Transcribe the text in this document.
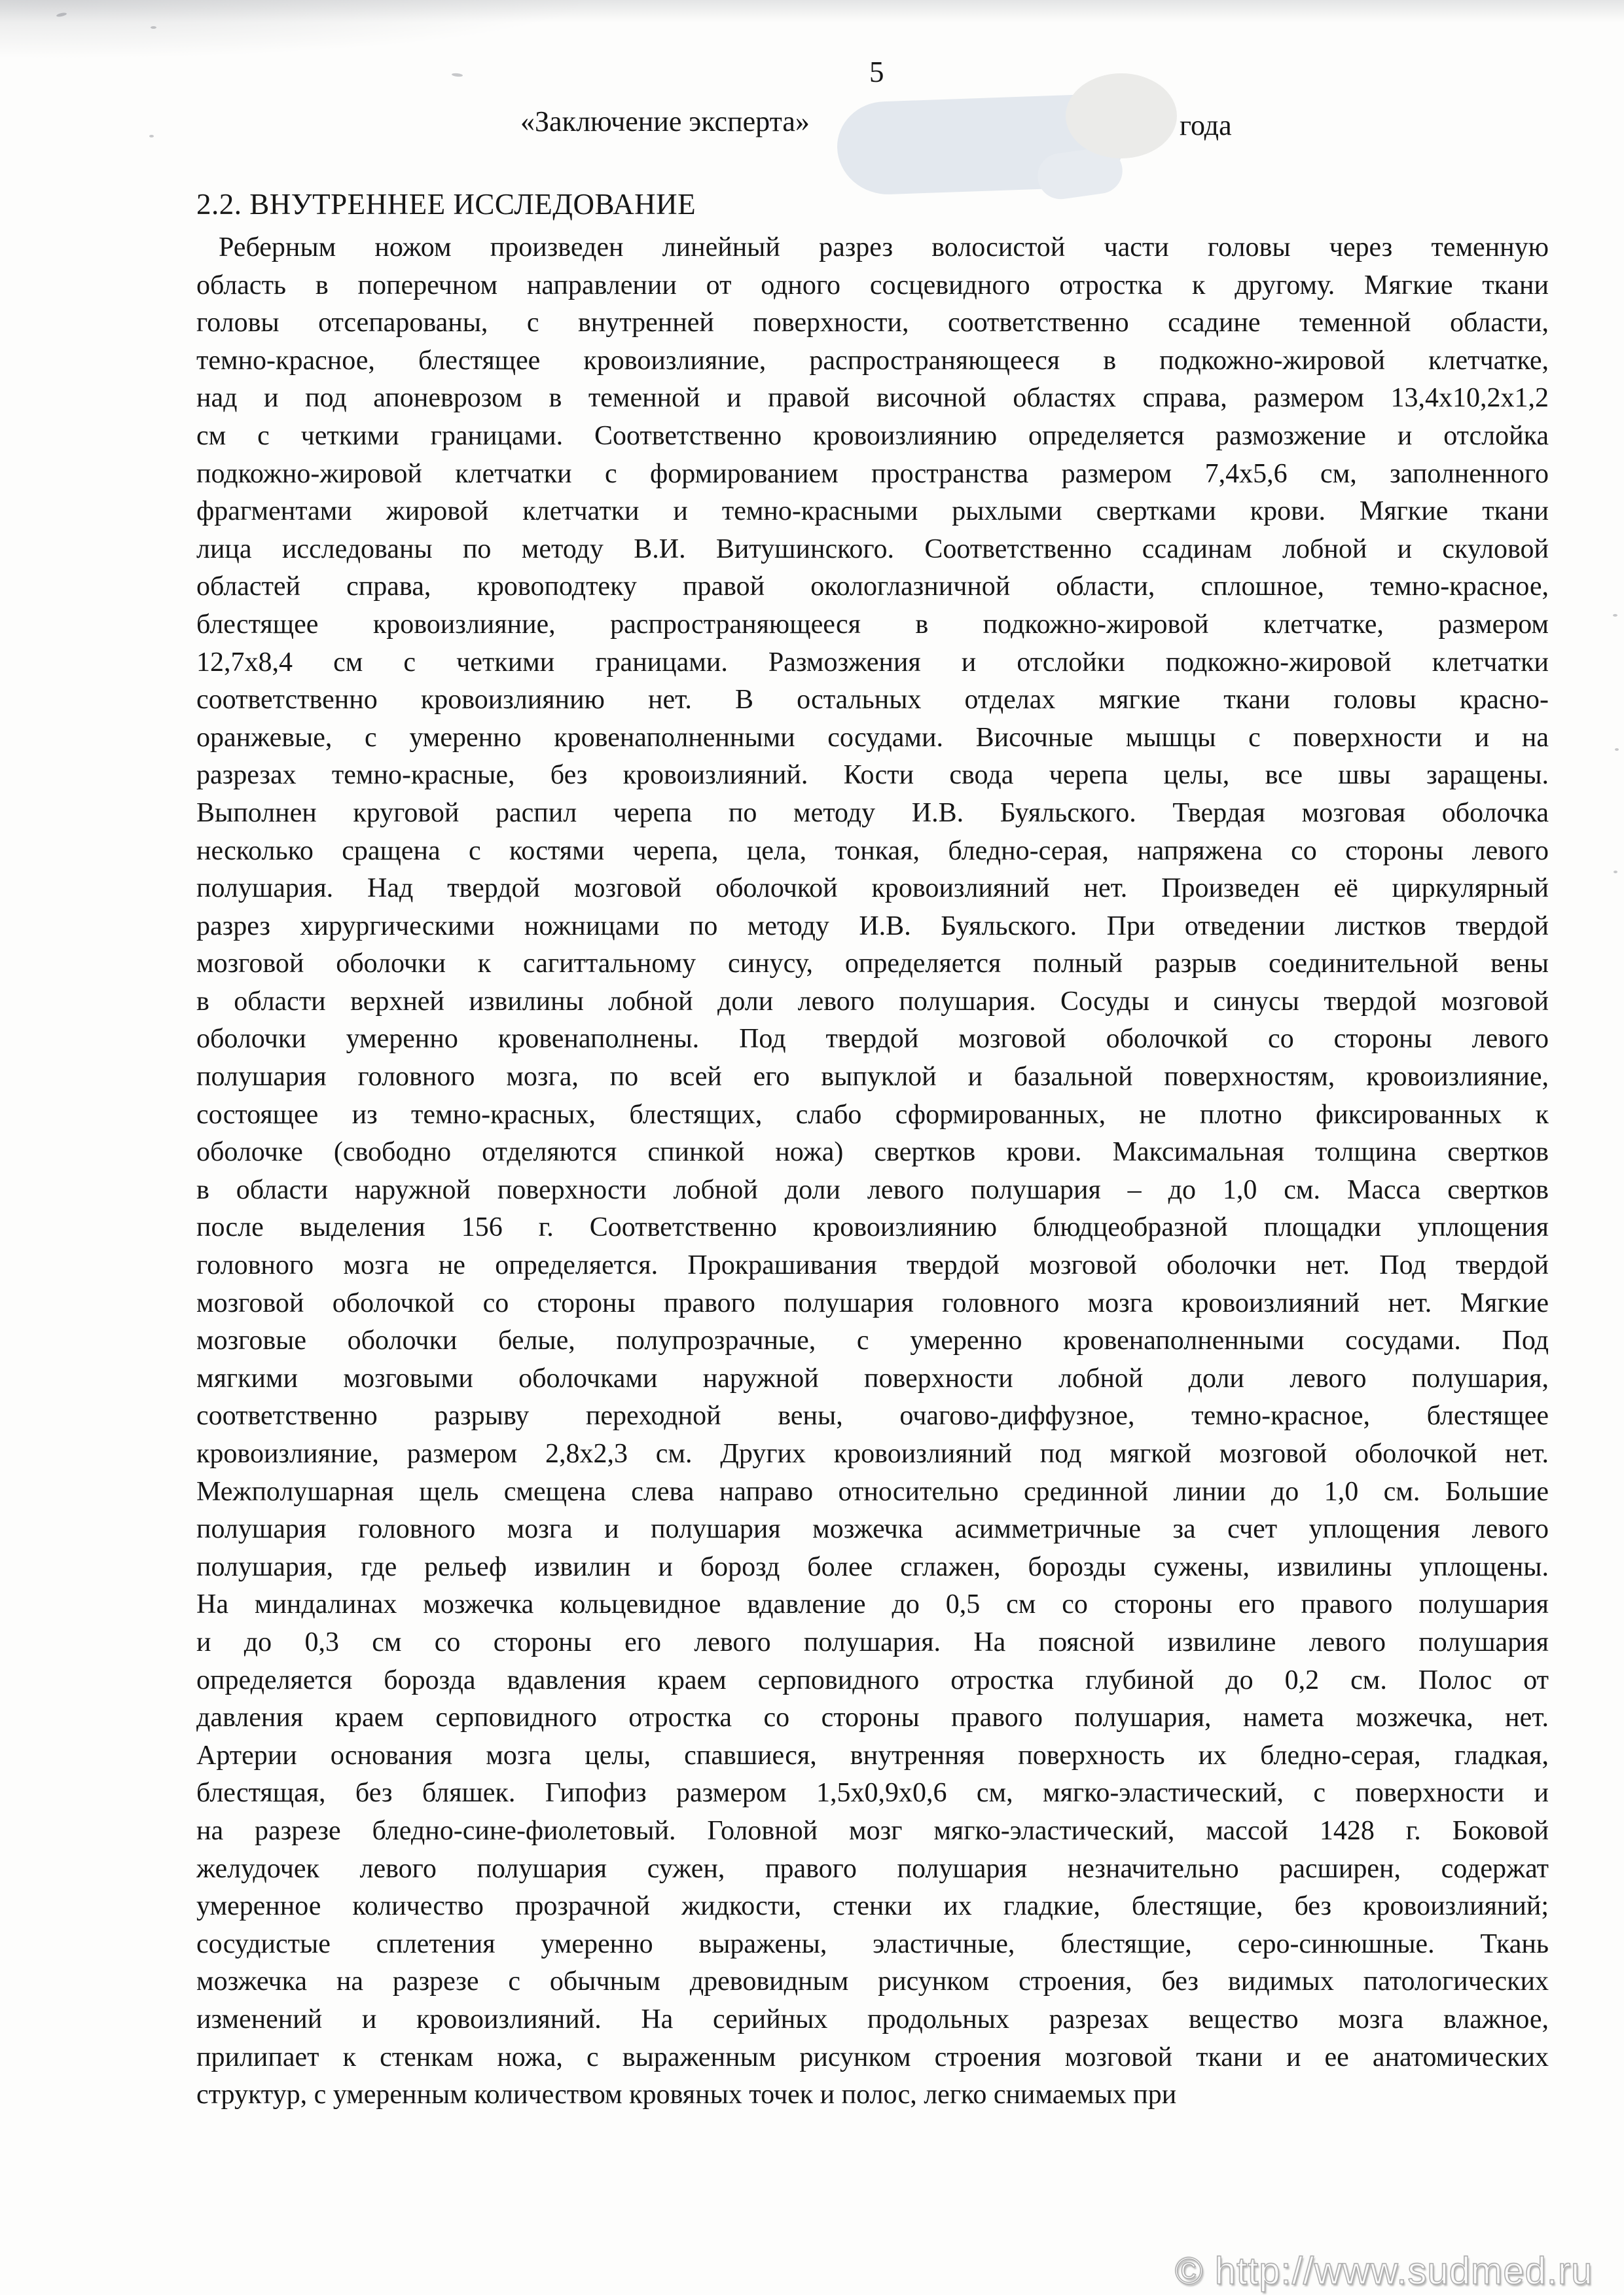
5
«Заключение эксперта»	года
2.2. ВНУТРЕННЕЕ ИССЛЕДОВАНИЕ
Реберным ножом произведен линейный разрез волосистой части головы через теменную
область в поперечном направлении от одного сосцевидного отростка к другому. Мягкие ткани
головы отсепарованы, с внутренней поверхности, соответственно ссадине теменной области,
темно-красное, блестящее кровоизлияние, распространяющееся в подкожно-жировой клетчатке,
над и под апоневрозом в теменной и правой височной областях справа, размером 13,4х10,2х1,2
см с четкими границами. Соответственно кровоизлиянию определяется размозжение и отслойка
подкожно-жировой клетчатки с формированием пространства размером 7,4х5,6 см, заполненного
фрагментами жировой клетчатки и темно-красными рыхлыми свертками крови. Мягкие ткани
лица исследованы по методу В.И. Витушинского. Соответственно ссадинам лобной и скуловой
областей справа, кровоподтеку правой окологлазничной области, сплошное, темно-красное,
блестящее кровоизлияние, распространяющееся в подкожно-жировой клетчатке, размером
12,7х8,4 см с четкими границами. Размозжения и отслойки подкожно-жировой клетчатки
соответственно кровоизлиянию нет. В остальных отделах мягкие ткани головы красно-
оранжевые, с умеренно кровенаполненными сосудами. Височные мышцы с поверхности и на
разрезах темно-красные, без кровоизлияний. Кости свода черепа целы, все швы заращены.
Выполнен круговой распил черепа по методу И.В. Буяльского. Твердая мозговая оболочка
несколько сращена с костями черепа, цела, тонкая, бледно-серая, напряжена со стороны левого
полушария. Над твердой мозговой оболочкой кровоизлияний нет. Произведен её циркулярный
разрез хирургическими ножницами по методу И.В. Буяльского. При отведении листков твердой
мозговой оболочки к сагиттальному синусу, определяется полный разрыв соединительной вены
в области верхней извилины лобной доли левого полушария. Сосуды и синусы твердой мозговой
оболочки умеренно кровенаполнены. Под твердой мозговой оболочкой со стороны левого
полушария головного мозга, по всей его выпуклой и базальной поверхностям, кровоизлияние,
состоящее из темно-красных, блестящих, слабо сформированных, не плотно фиксированных к
оболочке (свободно отделяются спинкой ножа) свертков крови. Максимальная толщина свертков
в области наружной поверхности лобной доли левого полушария – до 1,0 см. Масса свертков
после выделения 156 г. Соответственно кровоизлиянию блюдцеобразной площадки уплощения
головного мозга не определяется. Прокрашивания твердой мозговой оболочки нет. Под твердой
мозговой оболочкой со стороны правого полушария головного мозга кровоизлияний нет. Мягкие
мозговые оболочки белые, полупрозрачные, с умеренно кровенаполненными сосудами. Под
мягкими мозговыми оболочками наружной поверхности лобной доли левого полушария,
соответственно разрыву переходной вены, очагово-диффузное, темно-красное, блестящее
кровоизлияние, размером 2,8х2,3 см. Других кровоизлияний под мягкой мозговой оболочкой нет.
Межполушарная щель смещена слева направо относительно срединной линии до 1,0 см. Большие
полушария головного мозга и полушария мозжечка асимметричные за счет уплощения левого
полушария, где рельеф извилин и борозд более сглажен, борозды сужены, извилины уплощены.
На миндалинах мозжечка кольцевидное вдавление до 0,5 см со стороны его правого полушария
и до 0,3 см со стороны его левого полушария. На поясной извилине левого полушария
определяется борозда вдавления краем серповидного отростка глубиной до 0,2 см. Полос от
давления краем серповидного отростка со стороны правого полушария, намета мозжечка, нет.
Артерии основания мозга целы, спавшиеся, внутренняя поверхность их бледно-серая, гладкая,
блестящая, без бляшек. Гипофиз размером 1,5х0,9х0,6 см, мягко-эластический, с поверхности и
на разрезе бледно-сине-фиолетовый. Головной мозг мягко-эластический, массой 1428 г. Боковой
желудочек левого полушария сужен, правого полушария незначительно расширен, содержат
умеренное количество прозрачной жидкости, стенки их гладкие, блестящие, без кровоизлияний;
сосудистые сплетения умеренно выражены, эластичные, блестящие, серо-синюшные. Ткань
мозжечка на разрезе с обычным древовидным рисунком строения, без видимых патологических
изменений и кровоизлияний. На серийных продольных разрезах вещество мозга влажное,
прилипает к стенкам ножа, с выраженным рисунком строения мозговой ткани и ее анатомических
структур, с умеренным количеством кровяных точек и полос, легко снимаемых при
© http://www.sudmed.ru
